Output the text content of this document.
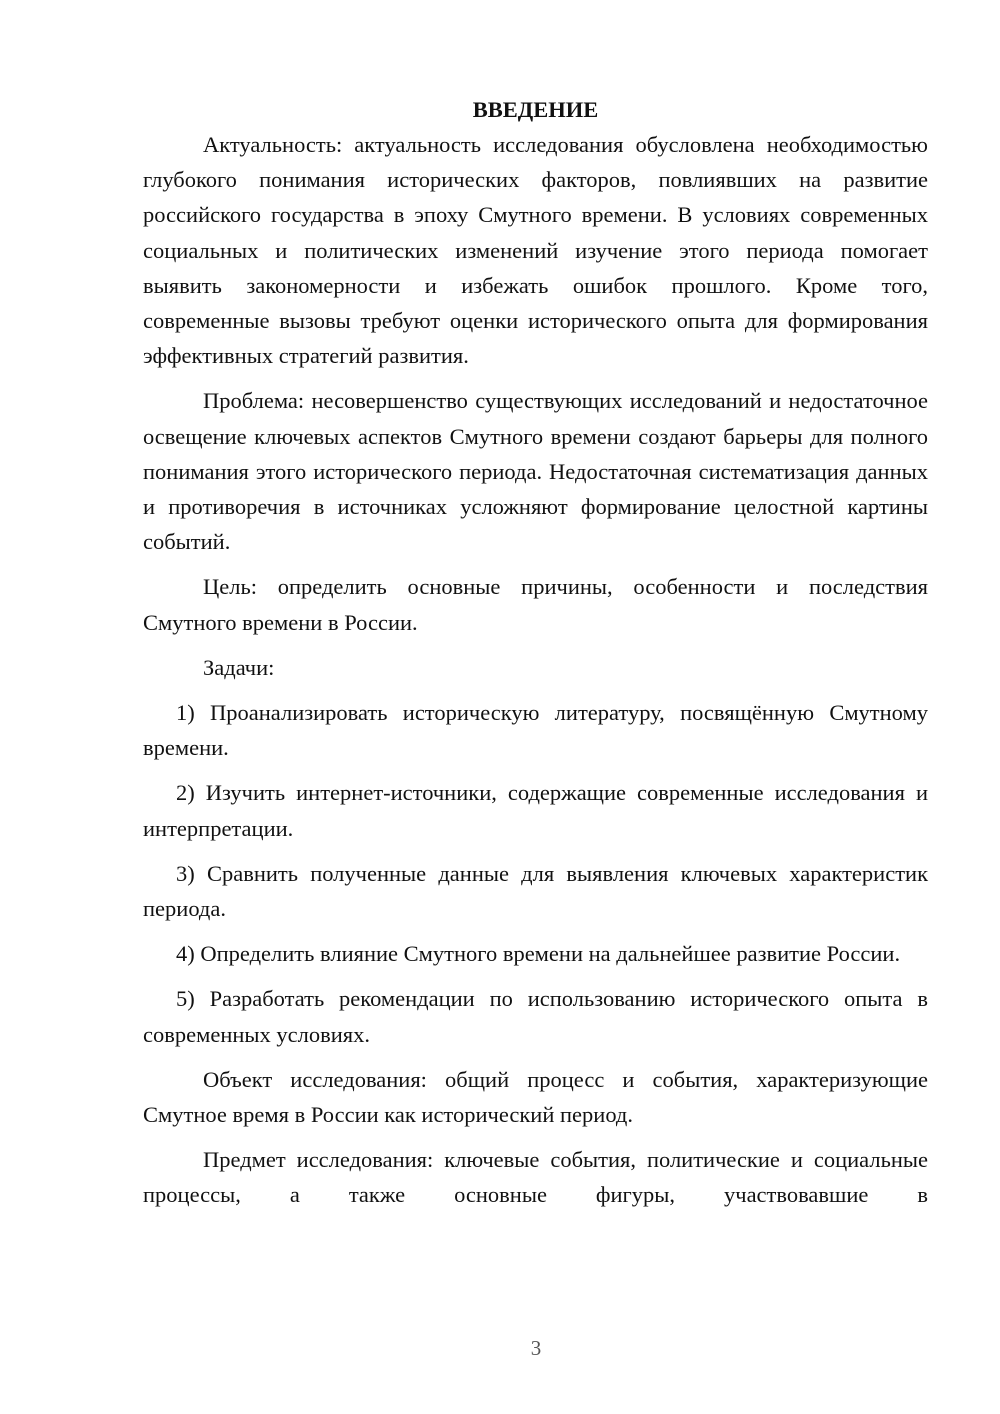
ВВЕДЕНИЕ

Актуальность: актуальность исследования обусловлена необходимостью глубокого понимания исторических факторов, повлиявших на развитие российского государства в эпоху Смутного времени. В условиях современных социальных и политических изменений изучение этого периода помогает выявить закономерности и избежать ошибок прошлого. Кроме того, современные вызовы требуют оценки исторического опыта для формирования эффективных стратегий развития.

Проблема: несовершенство существующих исследований и недостаточное освещение ключевых аспектов Смутного времени создают барьеры для полного понимания этого исторического периода. Недостаточная систематизация данных и противоречия в источниках усложняют формирование целостной картины событий.

Цель: определить основные причины, особенности и последствия Смутного времени в России.

Задачи:

1) Проанализировать историческую литературу, посвящённую Смутному времени.

2) Изучить интернет-источники, содержащие современные исследования и интерпретации.

3) Сравнить полученные данные для выявления ключевых характеристик периода.

4) Определить влияние Смутного времени на дальнейшее развитие России.

5) Разработать рекомендации по использованию исторического опыта в современных условиях.

Объект исследования: общий процесс и события, характеризующие Смутное время в России как исторический период.

Предмет исследования: ключевые события, политические и социальные процессы, а также основные фигуры, участвовавшие в

3
